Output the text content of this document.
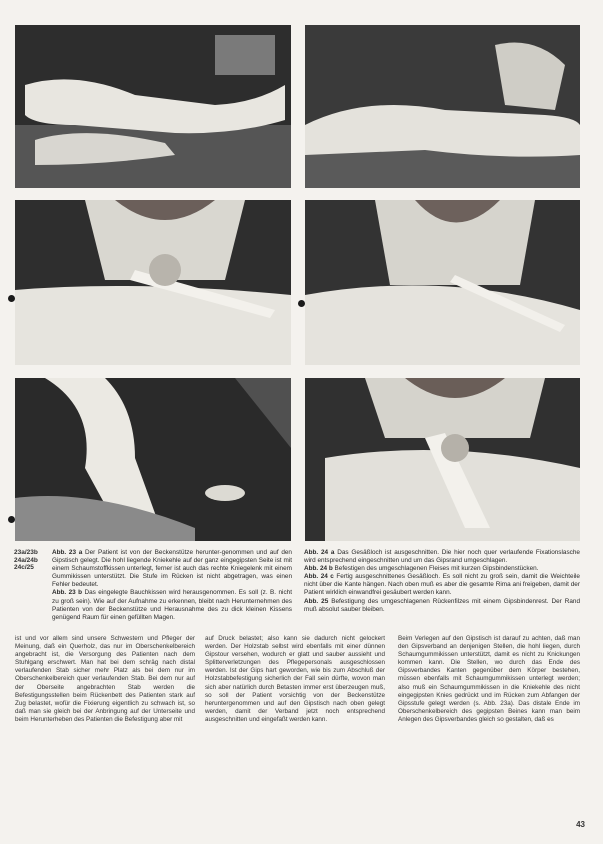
23a/23b
24a/24b
24c/25

Abb. 23 a Der Patient ist von der Beckenstütze herunter-genommen und auf den Gipstisch gelegt. Die hohl liegende Kniekehle auf der ganz eingegipsten Seite ist mit einem Schaumstoffkissen unterlegt, ferner ist auch das rechte Kniegelenk mit einem Gummikissen unterstützt. Die Stufe im Rücken ist nicht abgetragen, was einen Fehler bedeutet.

Abb. 23 b Das eingelegte Bauchkissen wird herausgenommen. Es soll (z. B. nicht zu groß sein). Wie auf der Aufnahme zu erkennen, bleibt nach Herunternehmen des Patienten von der Beckenstütze und Herausnahme des zu dick kleinen Kissens genügend Raum für einen gefüllten Magen.

Abb. 24 a Das Gesäßloch ist ausgeschnitten. Die hier noch quer verlaufende Fixationslasche wird entsprechend eingeschnitten und um das Gipsrand umgeschlagen.

Abb. 24 b Befestigen des umgeschlagenen Fleises mit kurzen Gipsbindenstücken.

Abb. 24 c Fertig ausgeschnittenes Gesäßloch. Es soll nicht zu groß sein, damit die Weichteile nicht über die Kante hängen. Nach oben muß es aber die gesamte Rima ani freigeben, damit der Patient wirklich einwandfrei gesäubert werden kann.

Abb. 25 Befestigung des umgeschlagenen Rückenfilzes mit einem Gipsbindenrest. Der Rand muß absolut sauber bleiben.

ist und vor allem sind unsere Schwestern und Pfleger der Meinung, daß ein Querholz, das nur im Oberschenkelbereich angebracht ist, die Versorgung des Patienten nach dem Stuhlgang erschwert. Man hat bei dem schräg nach distal verlaufenden Stab sicher mehr Platz als bei dem nur im Oberschenkelbereich quer verlaufenden Stab. Bei dem nur auf der Oberseite angebrachten Stab werden die Befestigungsstellen beim Rückenbett des Patienten stark auf Zug belastet, wofür die Fixierung eigentlich zu schwach ist, so daß man sie gleich bei der Anbringung auf der Unterseite und beim Herunterheben des Patienten die Befestigung aber mit

auf Druck belastet; also kann sie dadurch nicht gelockert werden. Der Holzstab selbst wird ebenfalls mit einer dünnen Gipstour versehen, wodurch er glatt und sauber aussieht und Splitterverletzungen des Pflegepersonals ausgeschlossen werden. Ist der Gips hart geworden, wie bis zum Abschluß der Holzstabbefestigung sicherlich der Fall sein dürfte, wovon man sich aber natürlich durch Betasten immer erst überzeugen muß, so soll der Patient vorsichtig von der Beckenstütze heruntergenommen und auf den Gipstisch nach oben gelegt werden, damit der Verband jetzt noch entsprechend ausgeschnitten und eingefaßt werden kann.

Beim Verlegen auf den Gipstisch ist darauf zu achten, daß man den Gipsverband an denjenigen Stellen, die hohl liegen, durch Schaumgummikissen unterstützt, damit es nicht zu Knickungen kommen kann. Die Stellen, wo durch das Ende des Gipsverbandes Kanten gegenüber dem Körper bestehen, müssen ebenfalls mit Schaumgummikissen unterlegt werden; also muß ein Schaumgummikissen in die Kniekehle des nicht eingegipsten Knies gedrückt und im Rücken zum Abfangen der Gipsstufe gelegt werden (s. Abb. 23a). Das distale Ende im Oberschenkelbereich des gegipsten Beines kann man beim Anlegen des Gipsverbandes gleich so gestalten, daß es

43
